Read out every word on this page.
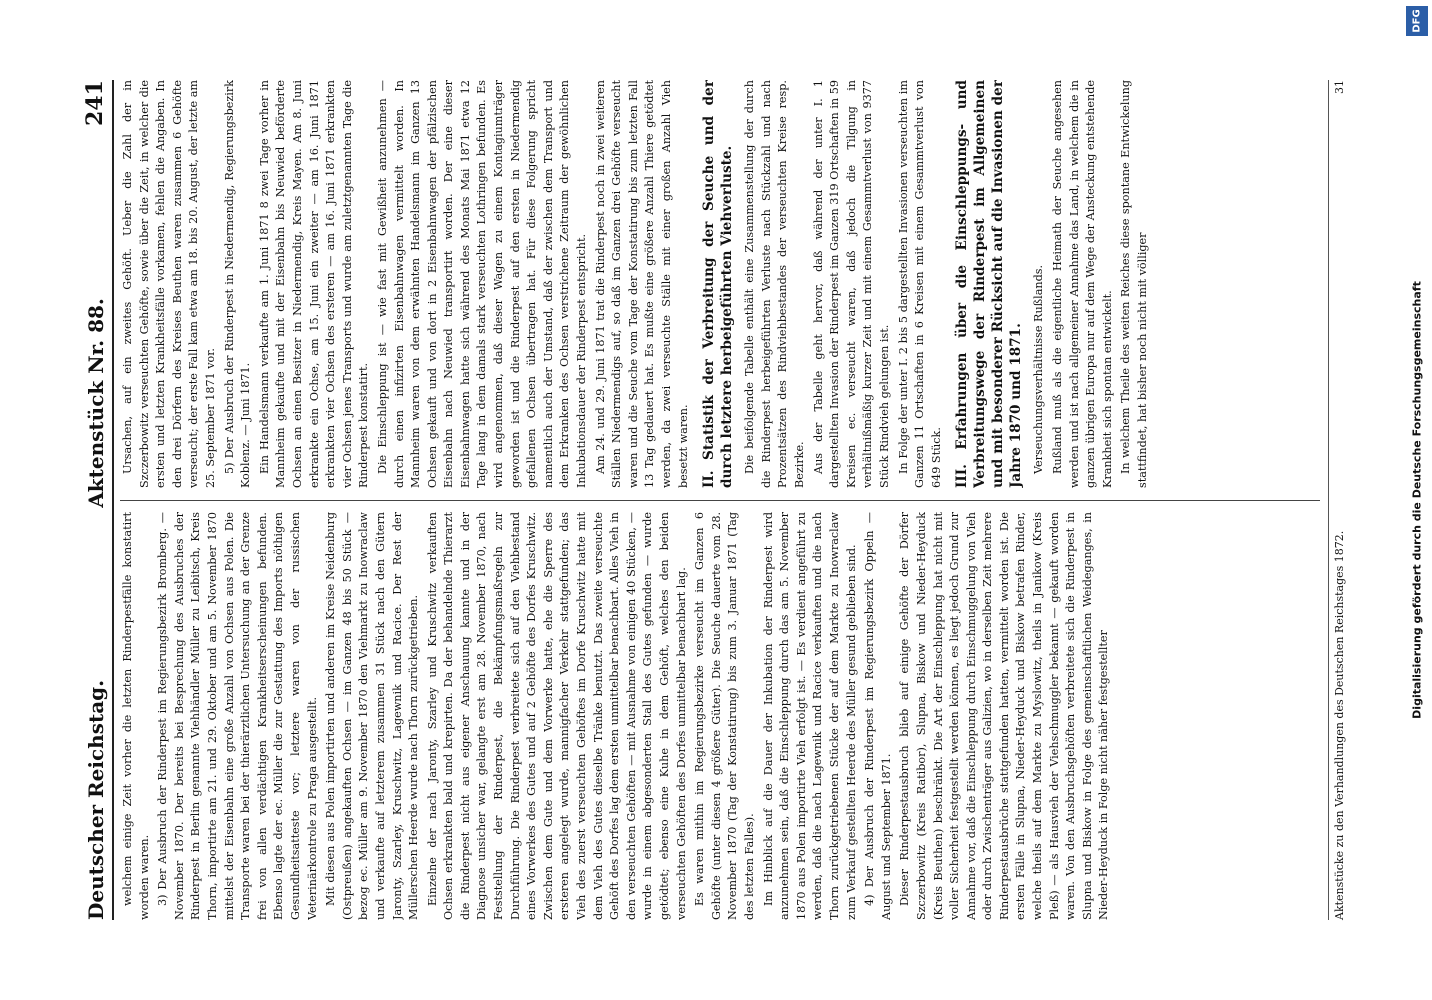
Deutscher Reichstag.
Aktenstück Nr. 88.
241

welchem einige Zeit vorher die letzten Rinderpestfälle konstatirt worden waren. 3) Der Ausbruch der Rinderpest im Regierungsbezirk Bromberg. — November 1870. Der bereits bei Besprechung des Ausbruches der Rinderpest in Berlin genannte Viehhändler Müller zu Leibitsch, Kreis Thorn, importirte am 21. und 29. Oktober und am 5. November 1870 mittelst der Eisenbahn eine große Anzahl von Ochsen aus Polen. Die Transporte waren bei der thierärztlichen Untersuchung an der Grenze frei von allen verdächtigen Krankheitserscheinungen befunden. Ebenso lagte der ec. Müller die zur Gestattung des Imports nöthigen Gesundheitsatteste vor; letztere waren von der russischen Veterinärkontrole zu Praga ausgestellt. Mit diesen aus Polen importirten und anderen im Kreise Neidenburg (Ostpreußen) angekauften Ochsen — im Ganzen 48 bis 50 Stück — bezog ec. Müller am 9. November 1870 den Viehmarkt zu Inowraclaw und verkaufte auf letzterem zusammen 31 Stück nach den Gütern Jaronty, Szarley, Kruschwitz, Lagewnik und Racice. Der Rest der Müllerschen Heerde wurde nach Thorn zurückgetrieben. Einzelne der nach Jaronty, Szarley und Kruschwitz verkauften Ochsen erkrankten bald und krepirten. Da der behandelnde Thierarzt die Rinderpest nicht aus eigener Anschauung kannte und in der Diagnose unsicher war, gelangte erst am 28. November 1870, nach Feststellung der Rinderpest, die Bekämpfungsmaßregeln zur Durchführung. Die Rinderpest verbreitete sich auf den Viehbestand eines Vorwerkes des Gutes und auf 2 Gehöfte des Dorfes Kruschwitz. Zwischen dem Gute und dem Vorwerke hatte, ehe die Sperre des ersteren angelegt wurde, mannigfacher Verkehr stattgefunden; das Vieh des zuerst verseuchten Gehöftes im Dorfe Kruschwitz hatte mit dem Vieh des Gutes dieselbe Tränke benutzt. Das zweite verseuchte Gehöft des Dorfes lag dem ersten unmittelbar benachbart. Alles Vieh in den verseuchten Gehöften — mit Ausnahme von einigen 40 Stücken, — wurde in einem abgesonderten Stall des Gutes gefunden — wurde getödtet; ebenso eine Kuhe in dem Gehöft, welches den beiden verseuchten Gehöften des Dorfes unmittelbar benachbart lag. Es waren mithin im Regierungsbezirke verseucht im Ganzen 6 Gehöfte (unter diesen 4 größere Güter). Die Seuche dauerte vom 28. November 1870 (Tag der Konstatirung) bis zum 3. Januar 1871 (Tag des letzten Falles). Im Hinblick auf die Dauer der Inkubation der Rinderpest wird anzunehmen sein, daß die Einschleppung durch das am 5. November 1870 aus Polen importirte Vieh erfolgt ist. — Es verdient angeführt zu werden, daß die nach Lagewnik und Racice verkauften und die nach Thorn zurückgetriebenen Stücke der auf dem Markte zu Inowraclaw zum Verkauf gestellten Heerde des Müller gesund geblieben sind. 4) Der Ausbruch der Rinderpest im Regierungsbezirk Oppeln — August und September 1871. Dieser Rinderpestausbruch blieb auf einige Gehöfte der Dörfer Szczerbowitz (Kreis Ratibor), Slupna, Biskow und Nieder-Heyduck (Kreis Beuthen) beschränkt. Die Art der Einschleppung hat nicht mit voller Sicherheit festgestellt werden können, es liegt jedoch Grund zur Annahme vor, daß die Einschleppung durch Einschmuggelung von Vieh oder durch Zwischenträger aus Galizien, wo in derselben Zeit mehrere Rinderpestausbrüche stattgefunden hatten, vermittelt worden ist. Die ersten Fälle in Slupna, Nieder-Heyduck und Biskow betrafen Rinder, welche theils auf dem Markte zu Myslowitz, theils in Janikow (Kreis Pleß) — als Hausvieh der Viehschmuggler bekannt — gekauft worden waren. Von den Ausbruchsgehöften verbreitete sich die Rinderpest in Slupna und Biskow in Folge des gemeinschaftlichen Weideganges, in Nieder-Heyduck in Folge nicht näher festgestellter

Ursachen, auf ein zweites Gehöft. Ueber die Zahl der in Szczerbowitz verseuchten Gehöfte, sowie über die Zeit, in welcher die ersten und letzten Krankheitsfälle vorkamen, fehlen die Angaben. In den drei Dörfern des Kreises Beuthen waren zusammen 6 Gehöfte verseucht; der erste Fall kam etwa am 18. bis 20. August, der letzte am 25. September 1871 vor. 5) Der Ausbruch der Rinderpest in Niedermendig, Regierungsbezirk Koblenz. — Juni 1871. Ein Handelsmann verkaufte am 1. Juni 1871 8 zwei Tage vorher in Mannheim gekaufte und mit der Eisenbahn bis Neuwied beförderte Ochsen an einen Besitzer in Niedermendig, Kreis Mayen. Am 8. Juni erkrankte ein Ochse, am 15. Juni ein zweiter — am 16. Juni 1871 erkrankten vier Ochsen des ersteren — am 16. Juni 1871 erkrankten vier Ochsen jenes Transports und wurde am zuletztgenannten Tage die Rinderpest konstatirt. Die Einschleppung ist — wie fast mit Gewißheit anzunehmen — durch einen infizirten Eisenbahnwagen vermittelt worden. In Mannheim waren von dem erwähnten Handelsmann im Ganzen 13 Ochsen gekauft und von dort in 2 Eisenbahnwagen der pfälzischen Eisenbahn nach Neuwied transportirt worden. Der eine dieser Eisenbahnwagen hatte sich während des Monats Mai 1871 etwa 12 Tage lang in dem damals stark verseuchten Lothringen befunden. Es wird angenommen, daß dieser Wagen zu einem Kontagiumträger geworden ist und die Rinderpest auf den ersten in Niedermendig gefallenen Ochsen übertragen hat. Für diese Folgerung spricht namentlich auch der Umstand, daß der zwischen dem Transport und dem Erkranken des Ochsen verstrichene Zeitraum der gewöhnlichen Inkubationsdauer der Rinderpest entspricht. Am 24. und 29. Juni 1871 trat die Rinderpest noch in zwei weiteren Ställen Niedermendigs auf, so daß im Ganzen drei Gehöfte verseucht waren und die Seuche vom Tage der Konstatirung bis zum letzten Fall 13 Tag gedauert hat. Es mußte eine größere Anzahl Thiere getödtet werden, da zwei verseuchte Ställe mit einer großen Anzahl Vieh besetzt waren. II. Statistik der Verbreitung der Seuche und der durch letztere herbeigeführten Viehverluste. Die beifolgende Tabelle enthält eine Zusammenstellung der durch die Rinderpest herbeigeführten Verluste nach Stückzahl und nach Prozentsätzen des Rindviehbestandes der verseuchten Kreise resp. Bezirke. Aus der Tabelle geht hervor, daß während der unter I. 1 dargestellten Invasion der Rinderpest im Ganzen 319 Ortschaften in 59 Kreisen ec. verseucht waren, daß jedoch die Tilgung in verhältnißmäßig kurzer Zeit und mit einem Gesammtverlust von 9377 Stück Rindvieh gelungen ist. In Folge der unter I. 2 bis 5 dargestellten Invasionen verseuchten im Ganzen 11 Ortschaften in 6 Kreisen mit einem Gesammtverlust von 649 Stück. III. Erfahrungen über die Einschleppungs- und Verbreitungswege der Rinderpest im Allgemeinen und mit besonderer Rücksicht auf die Invasionen der Jahre 1870 und 1871. Verseuchungsverhältnisse Rußlands. Rußland muß als die eigentliche Heimath der Seuche angesehen werden und ist nach allgemeiner Annahme das Land, in welchem die in ganzen übrigen Europa nur auf dem Wege der Ansteckung entstehende Krankheit sich spontan entwickelt. In welchem Theile des weiten Reiches diese spontane Entwickelung stattfindet, hat bisher noch nicht mit völliger

Aktenstücke zu den Verhandlungen des Deutschen Reichstages 1872.
31
Digitalisierung gefördert durch die Deutsche Forschungsgemeinschaft
DFG
